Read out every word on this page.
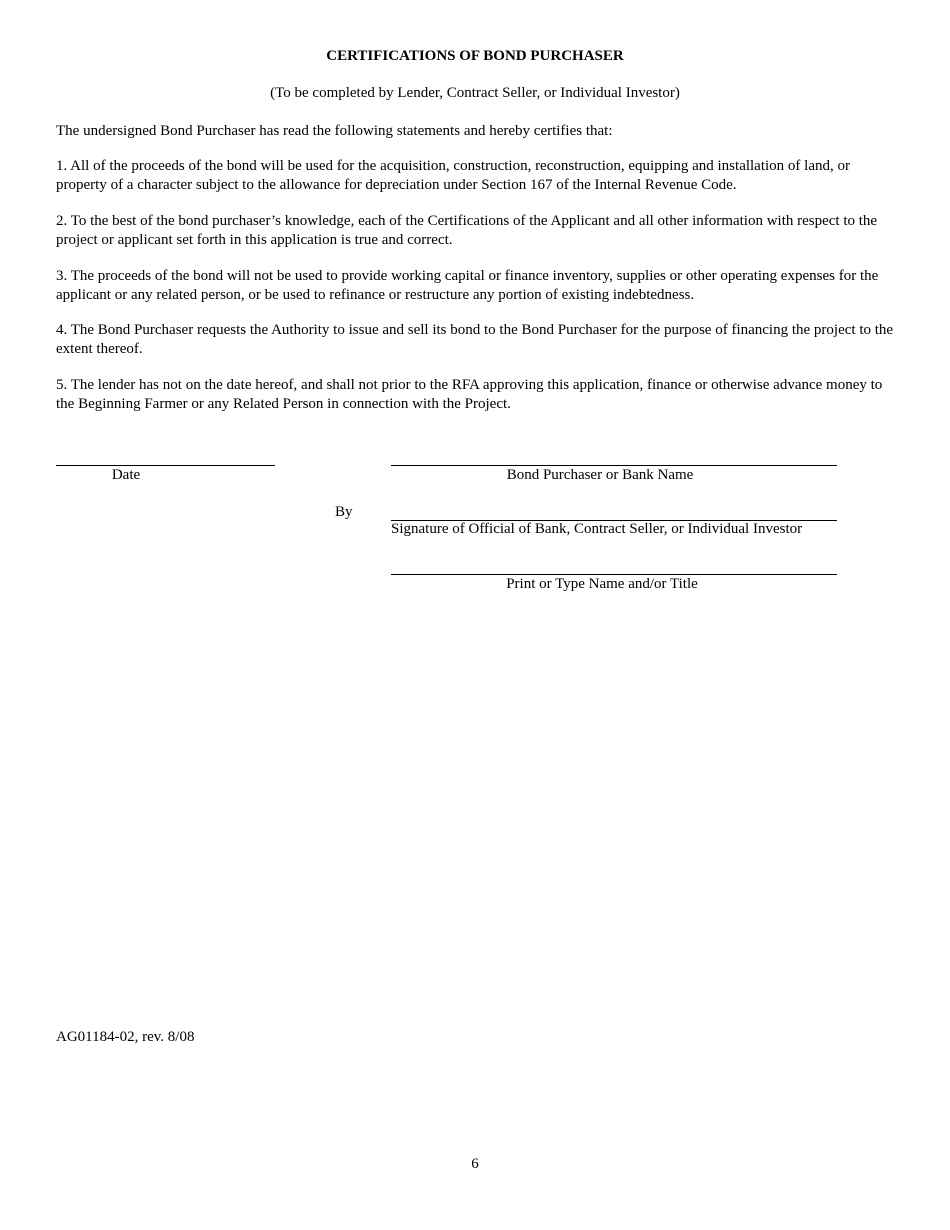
CERTIFICATIONS OF BOND PURCHASER
(To be completed by Lender, Contract Seller, or Individual Investor)
The undersigned Bond Purchaser has read the following statements and hereby certifies that:
1. All of the proceeds of the bond will be used for the acquisition, construction, reconstruction, equipping and installation of land, or property of a character subject to the allowance for depreciation under Section 167 of the Internal Revenue Code.
2. To the best of the bond purchaser’s knowledge, each of the Certifications of the Applicant and all other information with respect to the project or applicant set forth in this application is true and correct.
3. The proceeds of the bond will not be used to provide working capital or finance inventory, supplies or other operating expenses for the applicant or any related person, or be used to refinance or restructure any portion of existing indebtedness.
4. The Bond Purchaser requests the Authority to issue and sell its bond to the Bond Purchaser for the purpose of financing the project to the extent thereof.
5. The lender has not on the date hereof, and shall not prior to the RFA approving this application, finance or otherwise advance money to the Beginning Farmer or any Related Person in connection with the Project.
Date	Bond Purchaser or Bank Name
By
Signature of Official of Bank, Contract Seller, or Individual Investor
Print or Type Name and/or Title
AG01184-02, rev. 8/08
6
